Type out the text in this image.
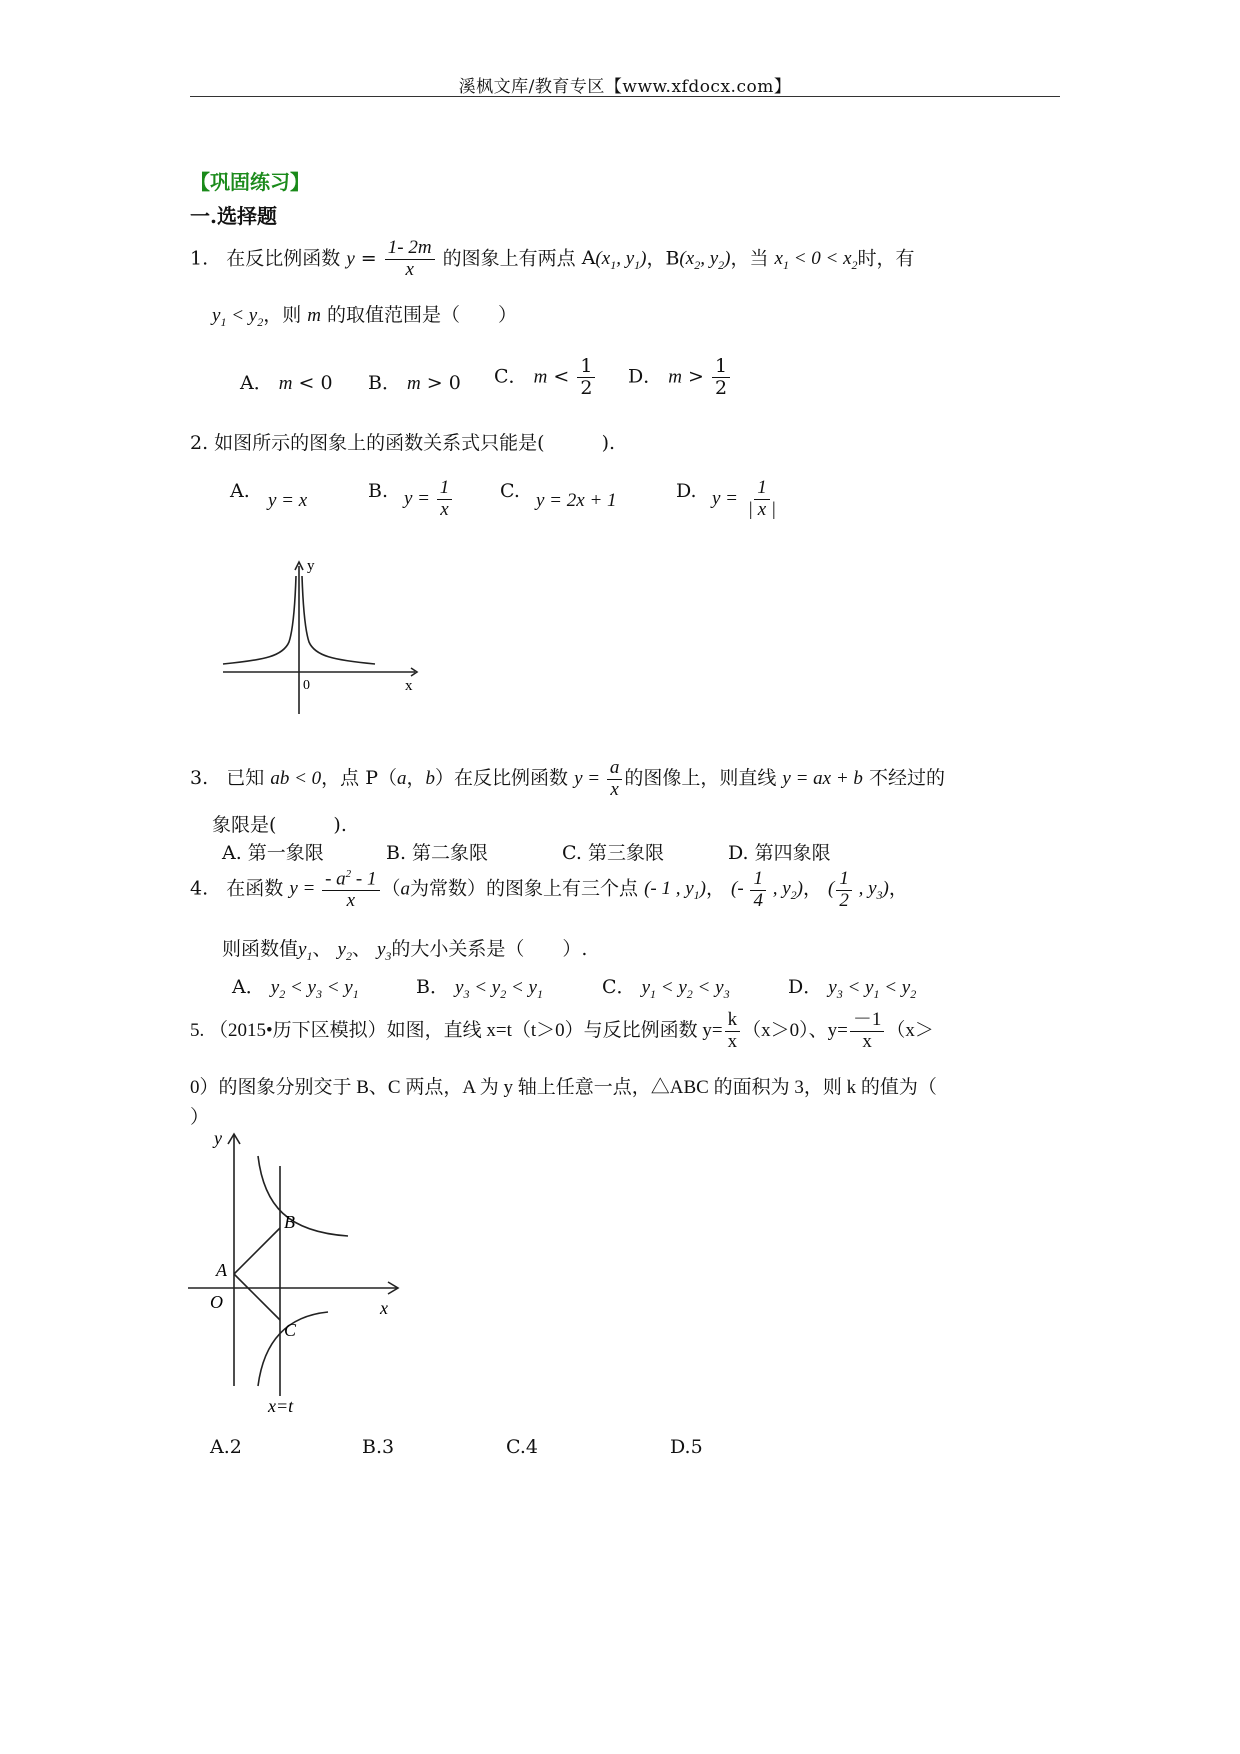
溪枫文库/教育专区【www.xfdocx.com】
【巩固练习】
一.选择题
1. 在反比例函数 $y = \frac{1- 2m}{x}$ 的图象上有两点 $A(x_1$, $y_1$)，$B(x_2$, $y_2$)，当 $x_1 < 0 < x_2$时，有
$y_1 < y_2$，则 m 的取值范围是（　　）
A． m < 0 B． m > 0 C． $m < \frac{1}{2}$ D． $m > \frac{1}{2}$
2. 如图所示的图象上的函数关系式只能是(　　　).
A. y = x	B. $y = \frac{1}{x}$	C. y = 2x + 1	D. $y = \frac{1}{| x |}$
y
0	x
3. 已知 ab < 0，点 P（a，b）在反比例函数 $y = \frac{a}{x}$ 的图像上，则直线 y = ax + b 不经过的
象限是(　　　).
A. 第一象限	B. 第二象限	C. 第三象限	D. 第四象限
4. 在函数 $y = \frac{- a^2 - 1}{x} (a$为常数）的图象上有三个点 (- 1 , $y_1$)， (- $\frac{1}{4}$ , $y_2$)， ( $\frac{1}{2}$ , $y_3$)，
则函数值$y_1$、 $y_2$、 $y_3$的大小关系是（　　）.
A． $y_2 < y_3 < y_1$	B． $y_3 < y_2 < y_1$	C． $y_1 < y_2 < y_3$	D． $y_3 < y_1 < y_2$
5. （2015•历下区模拟）如图，直线 x=t（t＞0）与反比例函数 $y= \frac{k}{x} (x>0)$、$y= \frac{-1}{x} (x>$
0）的图象分别交于 B、C 两点，A 为 y 轴上任意一点，△ABC 的面积为 3，则 k 的值为（
）
y
x
O
A
B
C
x=t
A.2	B.3	C.4	D.5
